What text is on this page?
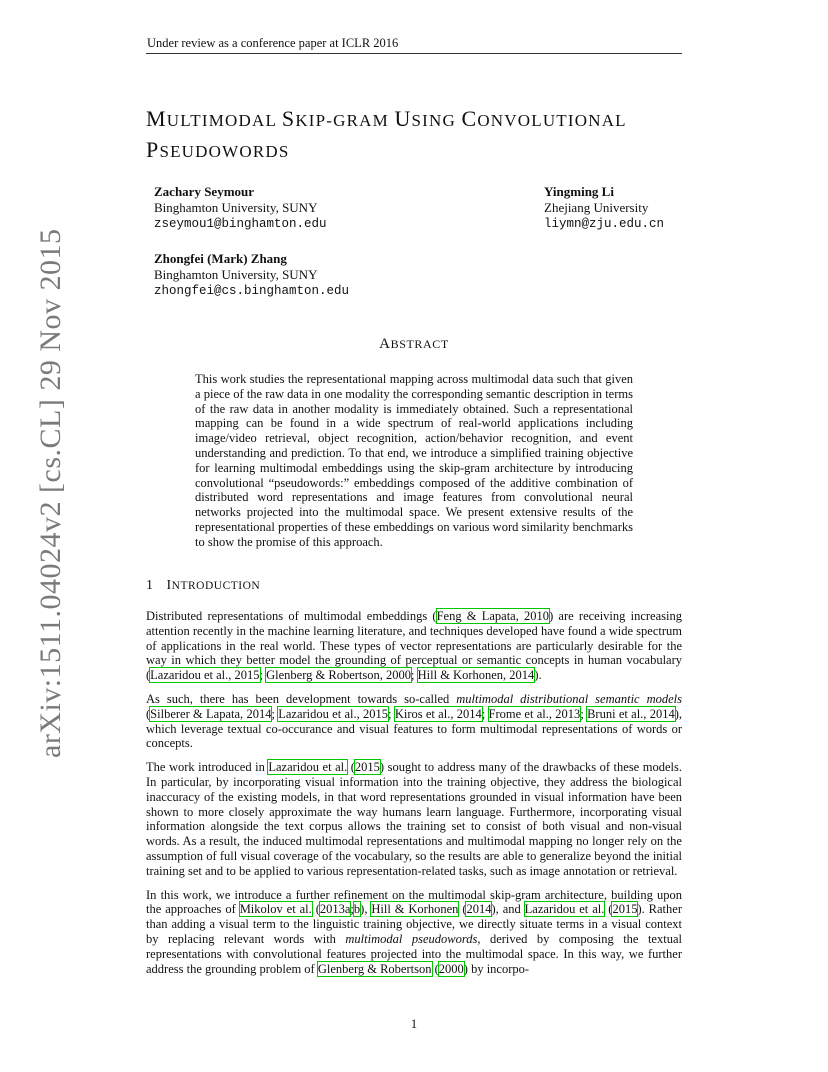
Under review as a conference paper at ICLR 2016
arXiv:1511.04024v2 [cs.CL] 29 Nov 2015
MULTIMODAL SKIP-GRAM USING CONVOLUTIONAL
PSEUDOWORDS
Zachary Seymour
Binghamton University, SUNY
zseymou1@binghamton.edu
Yingming Li
Zhejiang University
liymn@zju.edu.cn
Zhongfei (Mark) Zhang
Binghamton University, SUNY
zhongfei@cs.binghamton.edu
ABSTRACT
This work studies the representational mapping across multimodal data such that given a piece of the raw data in one modality the corresponding semantic description in terms of the raw data in another modality is immediately obtained. Such a representational mapping can be found in a wide spectrum of real-world applications including image/video retrieval, object recognition, action/behavior recognition, and event understanding and prediction. To that end, we introduce a simplified training objective for learning multimodal embeddings using the skip-gram architecture by introducing convolutional “pseudowords:” embeddings composed of the additive combination of distributed word representations and image features from convolutional neural networks projected into the multimodal space. We present extensive results of the representational properties of these embeddings on various word similarity benchmarks to show the promise of this approach.
1 INTRODUCTION

Distributed representations of multimodal embeddings (Feng & Lapata, 2010) are receiving increasing attention recently in the machine learning literature, and techniques developed have found a wide spectrum of applications in the real world. These types of vector representations are particularly desirable for the way in which they better model the grounding of perceptual or semantic concepts in human vocabulary (Lazaridou et al., 2015; Glenberg & Robertson, 2000; Hill & Korhonen, 2014).

As such, there has been development towards so-called multimodal distributional semantic models (Silberer & Lapata, 2014; Lazaridou et al., 2015; Kiros et al., 2014; Frome et al., 2013; Bruni et al., 2014), which leverage textual co-occurance and visual features to form multimodal representations of words or concepts.

The work introduced in Lazaridou et al. (2015) sought to address many of the drawbacks of these models. In particular, by incorporating visual information into the training objective, they address the biological inaccuracy of the existing models, in that word representations grounded in visual information have been shown to more closely approximate the way humans learn language. Furthermore, incorporating visual information alongside the text corpus allows the training set to consist of both visual and non-visual words. As a result, the induced multimodal representations and multimodal mapping no longer rely on the assumption of full visual coverage of the vocabulary, so the results are able to generalize beyond the initial training set and to be applied to various representation-related tasks, such as image annotation or retrieval.

In this work, we introduce a further refinement on the multimodal skip-gram architecture, building upon the approaches of Mikolov et al. (2013a;b), Hill & Korhonen (2014), and Lazaridou et al. (2015). Rather than adding a visual term to the linguistic training objective, we directly situate terms in a visual context by replacing relevant words with multimodal pseudowords, derived by composing the textual representations with convolutional features projected into the multimodal space. In this way, we further address the grounding problem of Glenberg & Robertson (2000) by incorpo-

1
